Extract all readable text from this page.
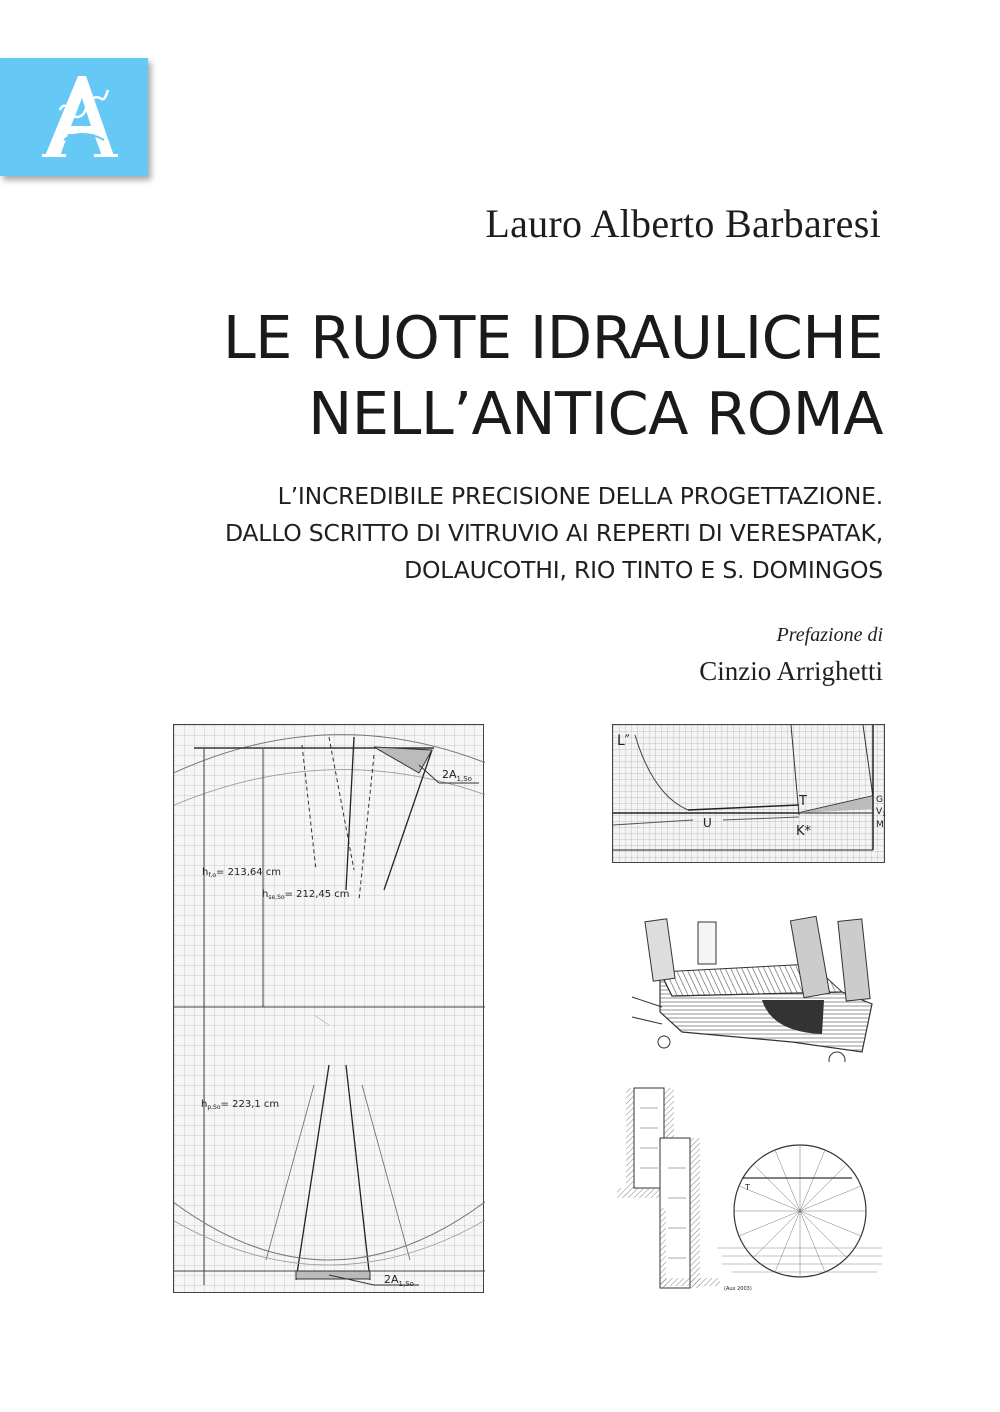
Lauro Alberto Barbaresi
LE RUOTE IDRAULICHE
NELL’ANTICA ROMA
L’INCREDIBILE PRECISIONE DELLA PROGETTAZIONE.
DALLO SCRITTO DI VITRUVIO AI REPERTI DI VERESPATAK,
DOLAUCOTHI, RIO TINTO E S. DOMINGOS
Prefazione di
Cinzio Arrighetti
$2A_{1,So}$
$h_{f,o}= 213,64$ cm
$h_{se,So}= 212,45$ cm
$2A_{1,So}$
$h_{p,So}= 223,1$ cm
L″
T
K*
U
G
$V_1$
M
T
(Aux 2003)
